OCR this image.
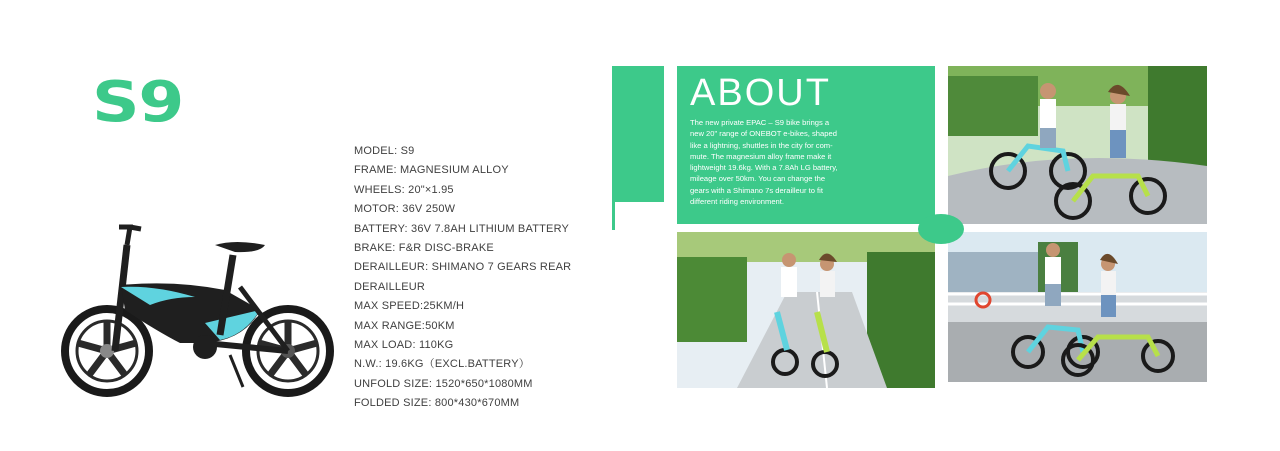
S9
MODEL: S9
FRAME: MAGNESIUM ALLOY
WHEELS: 20"×1.95
MOTOR: 36V 250W
BATTERY: 36V 7.8AH LITHIUM BATTERY
BRAKE: F&R DISC-BRAKE
DERAILLEUR: SHIMANO 7 GEARS REAR
DERAILLEUR
MAX SPEED:25KM/H
MAX RANGE:50KM
MAX LOAD: 110KG
N.W.: 19.6KG（EXCL.BATTERY）
UNFOLD SIZE: 1520*650*1080MM
FOLDED SIZE: 800*430*670MM
ABOUT
The new private EPAC – S9 bike brings a
new 20" range of ONEBOT e-bikes, shaped
like a lightning, shuttles in the city for com-
mute. The magnesium alloy frame make it
lightweight 19.6kg. With a 7.8Ah LG battery,
mileage over 50km. You can change the
gears with a Shimano 7s derailleur to fit
different riding environment.
